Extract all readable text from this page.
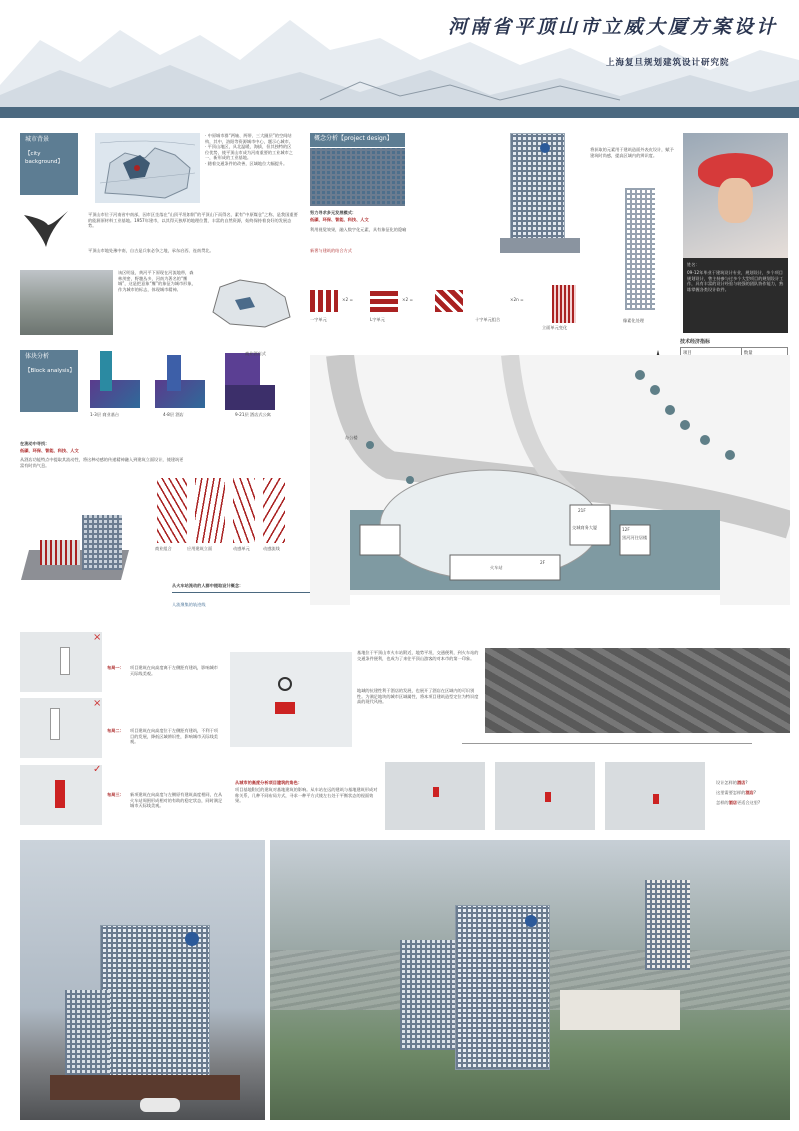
河南省平顶山市立威大厦方案设计
上海复旦规划建筑设计研究院
城市背景
【city background】
· 中原城市群“两轴、两带、三大圈层”的空间结构，其中，洛阳等资源城市中心，题示心城市。
· 平顶山地区，具北温暖，海拔，但其独特的区位优势，使平顶山市成为河南重要的工业城市之一，新形成的工业基地。
· 随着交通条件的改善，区域地位大幅提升。
平顶山市位于河南省中南部，因市区坐落在“山顶平坦如削”的平顶山下而得名，素有“中原煤仓”之称，是我国重要的能源原材料工业基地。1957年建市，以其得天独厚的地理位置、丰富的自然资源，始终保持着良好的发展态势。
平顶山市地处豫中南，自古是兵家必争之地，承东启西、连南贯北。
该区明显，黄河平下原现在河流地带，森林茂密，野趣丛多，河南为著名的“鹰城”，这是把意象“鹰”的象征为城市形象，作为城市的标志，体现城市精神。
体块分析
【Block analysis】
1-3层 商业基台	4-8层 酒店	9-21层 酒店式公寓
商业酒店式
在流动中寻找：
低碳、环保、智能、科技、人文
从酒店功能特点中提取其流动性，将这种动感的传递精神融入到建筑立面设计，使建筑更富有时尚气息。
商业组合	应用建筑立面	动感单元	动感流线
从火车站流动的人群中提取设计概念：
人流聚集的轨迹线
概念分析【project design】
将获取的元素用于建筑造面外表皮设计，赋予建筑时尚感，提高区域内的辨识度。
努力寻求多元发展模式：
低碳、环保、智能、科技、人文
利用视觉效果，融入数字化元素，具有象征化的隐喻
新奢与建筑的结合方式
像素化处理
×2 =
一字单元
×2 =
L字单元
×2n =
十字单元组合
立面单元变化
姓名：
09-12年毕业于建筑设计专业，规划设计，多个项目规划设计，曾主持参与过多个大型项目的规划设计工作，具有丰富的设计经验与较强的团队协作能力，熟练掌握各类设计软件。
技术经济指标
项目	数量

办公楼
21F
交城商务大厦	12F
黑河河住居楼
火车站
2F
×
布局一： 项目建筑在向高度离于左侧距有建筑，影响城市天际线美观。
×
布局二： 项目建筑在向高度位于左侧距有建筑，不利于项目的发展，降低区域辨识性，影响城市天际线美观。
✓
布局三： 新项建筑在向高度与左侧原有建筑高度相同，在从火车站周围形成相对的有助的稳定状态，同时满足城市天际线美观。
基地位于平顶山市火车站附近，地势平坦，交通便利，到火车站的交通条件便利，也成为了来往平顶山游客的对本市的第一印象。
地域的抗建性利于酒店的发展，也展开了酒店在区域内的可识别性。为满足地块的城市区域属性，将本项目建筑造型定位为特识度高的现代风格。
从城市的高度分析项目建筑的角色：
项目基地附近的建筑对基地建筑的影响。从车站在远的建筑与基地建筑形成对称关系，几种不同布局方式，寻求一种平方式使左右处于平衡状态的视面效果。
设计怎样的酒店?
这里需要怎样的酒店?
怎样的酒店更适合这里?
